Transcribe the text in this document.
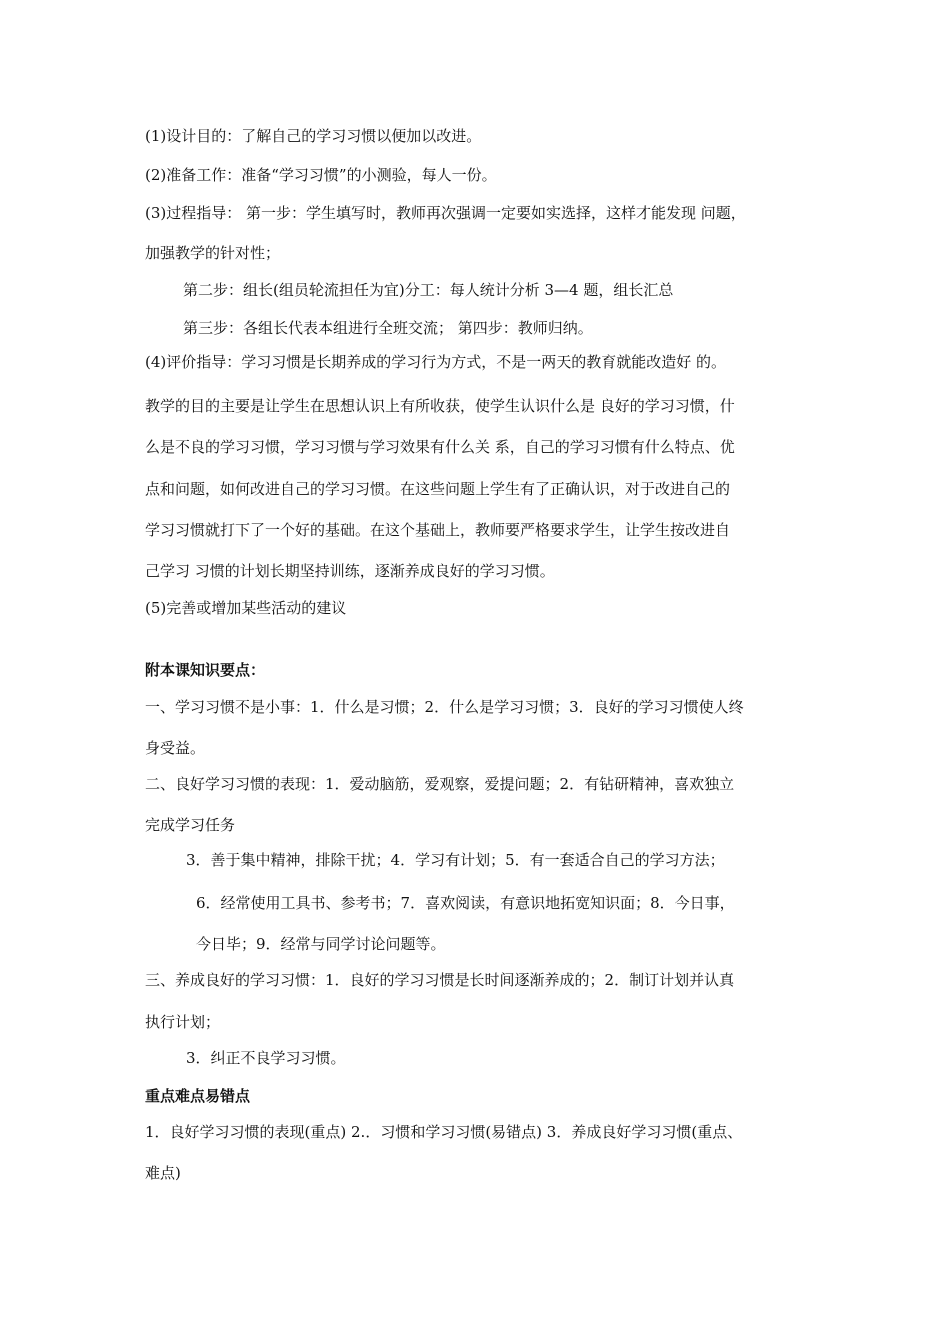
(1)设计目的：了解自己的学习习惯以便加以改进。
(2)准备工作：准备“学习习惯”的小测验，每人一份。
(3)过程指导： 第一步：学生填写时，教师再次强调一定要如实选择，这样才能发现 问题，
加强教学的针对性；
第二步：组长(组员轮流担任为宜)分工：每人统计分析 3—4 题，组长汇总
第三步：各组长代表本组进行全班交流； 第四步：教师归纳。
(4)评价指导：学习习惯是长期养成的学习行为方式，不是一两天的教育就能改造好 的。
教学的目的主要是让学生在思想认识上有所收获，使学生认识什么是 良好的学习习惯，什
么是不良的学习习惯，学习习惯与学习效果有什么关 系，自己的学习习惯有什么特点、优
点和问题，如何改进自己的学习习惯。在这些问题上学生有了正确认识，对于改进自己的
学习习惯就打下了一个好的基础。在这个基础上，教师要严格要求学生，让学生按改进自
己学习 习惯的计划长期坚持训练，逐渐养成良好的学习习惯。
(5)完善或增加某些活动的建议
附本课知识要点：
一、学习习惯不是小事：1．什么是习惯；2．什么是学习习惯；3．良好的学习习惯使人终
身受益。
二、良好学习习惯的表现：1．爱动脑筋，爱观察，爱提问题；2．有钻研精神，喜欢独立
完成学习任务
3．善于集中精神，排除干扰；4．学习有计划；5．有一套适合自己的学习方法；
6．经常使用工具书、参考书；7．喜欢阅读，有意识地拓宽知识面；8．今日事，
今日毕；9．经常与同学讨论问题等。
三、养成良好的学习习惯：1．良好的学习习惯是长时间逐渐养成的；2．制订计划并认真
执行计划；
3．纠正不良学习习惯。
重点难点易错点
1．良好学习习惯的表现(重点) 2.．习惯和学习习惯(易错点) 3．养成良好学习习惯(重点、
难点)
